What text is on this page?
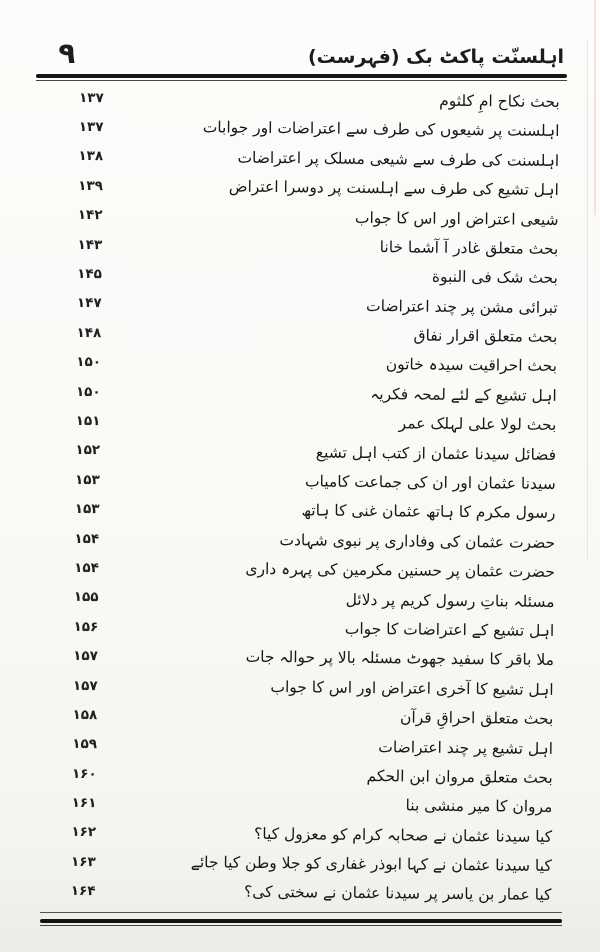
۹	اہلسنّت پاکٹ بک (فہرست)
۱۳۷	بحث نکاح امِ کلثوم
۱۳۷	اہلسنت پر شیعوں کی طرف سے اعتراضات اور جوابات
۱۳۸	اہلسنت کی طرف سے شیعی مسلک پر اعتراضات
۱۳۹	اہل تشیع کی طرف سے اہلسنت پر دوسرا اعتراض
۱۴۲	شیعی اعتراض اور اس کا جواب
۱۴۳	بحث متعلق غادر آ آشما خانا
۱۴۵	بحث شک فی النبوة
۱۴۷	تبرائی مشن پر چند اعتراضات
۱۴۸	بحث متعلق اقرار نفاق
۱۵۰	بحث احراقیت سیدہ خاتون
۱۵۰	اہل تشیع کے لئے لمحہ فکریہ
۱۵۱	بحث لولا علی لہلک عمر
۱۵۲	فضائل سیدنا عثمان از کتب اہل تشیع
۱۵۳	سیدنا عثمان اور ان کی جماعت کامیاب
۱۵۳	رسول مکرم کا ہاتھ عثمان غنی کا ہاتھ
۱۵۴	حضرت عثمان کی وفاداری پر نبوی شہادت
۱۵۴	حضرت عثمان پر حسنین مکرمین کی پہرہ داری
۱۵۵	مسئلہ بناتِ رسول کریم پر دلائل
۱۵۶	اہل تشیع کے اعتراضات کا جواب
۱۵۷	ملا باقر کا سفید جھوٹ مسئلہ بالا پر حوالہ جات
۱۵۷	اہل تشیع کا آخری اعتراض اور اس کا جواب
۱۵۸	بحث متعلق احراقِ قرآن
۱۵۹	اہل تشیع پر چند اعتراضات
۱۶۰	بحث متعلق مروان ابن الحکم
۱۶۱	مروان کا میر منشی بنا
۱۶۲	کیا سیدنا عثمان نے صحابہ کرام کو معزول کیا؟
۱۶۳	کیا سیدنا عثمان نے کہا ابوذر غفاری کو جلا وطن کیا جائے
۱۶۴	کیا عمار بن یاسر پر سیدنا عثمان نے سختی کی؟
